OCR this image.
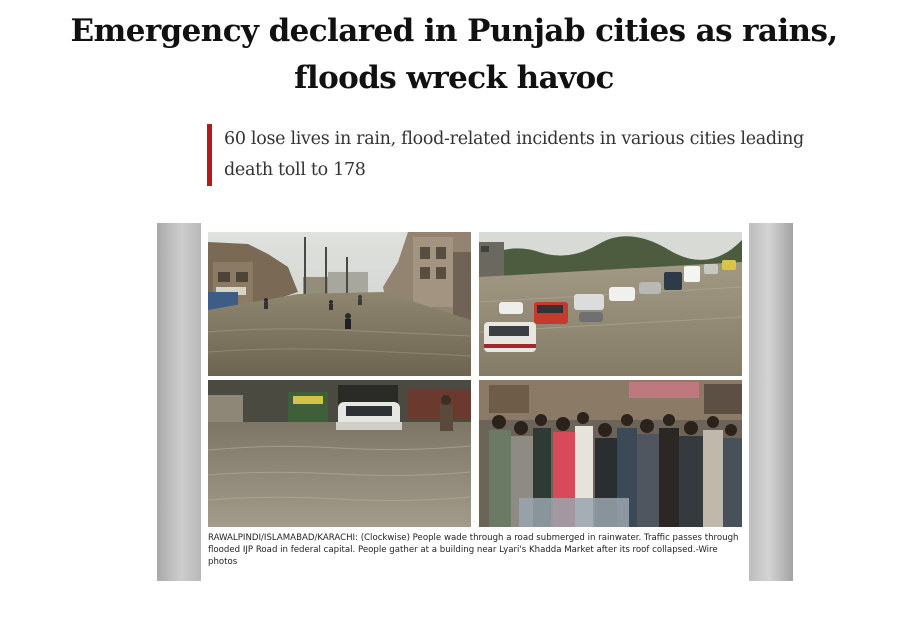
Emergency declared in Punjab cities as rains, floods wreck havoc

60 lose lives in rain, flood-related incidents in various cities leading death toll to 178

RAWALPINDI/ISLAMABAD/KARACHI: (Clockwise) People wade through a road submerged in rainwater. Traffic passes through flooded IJP Road in federal capital. People gather at a building near Lyari's Khadda Market after its roof collapsed.-Wire photos
